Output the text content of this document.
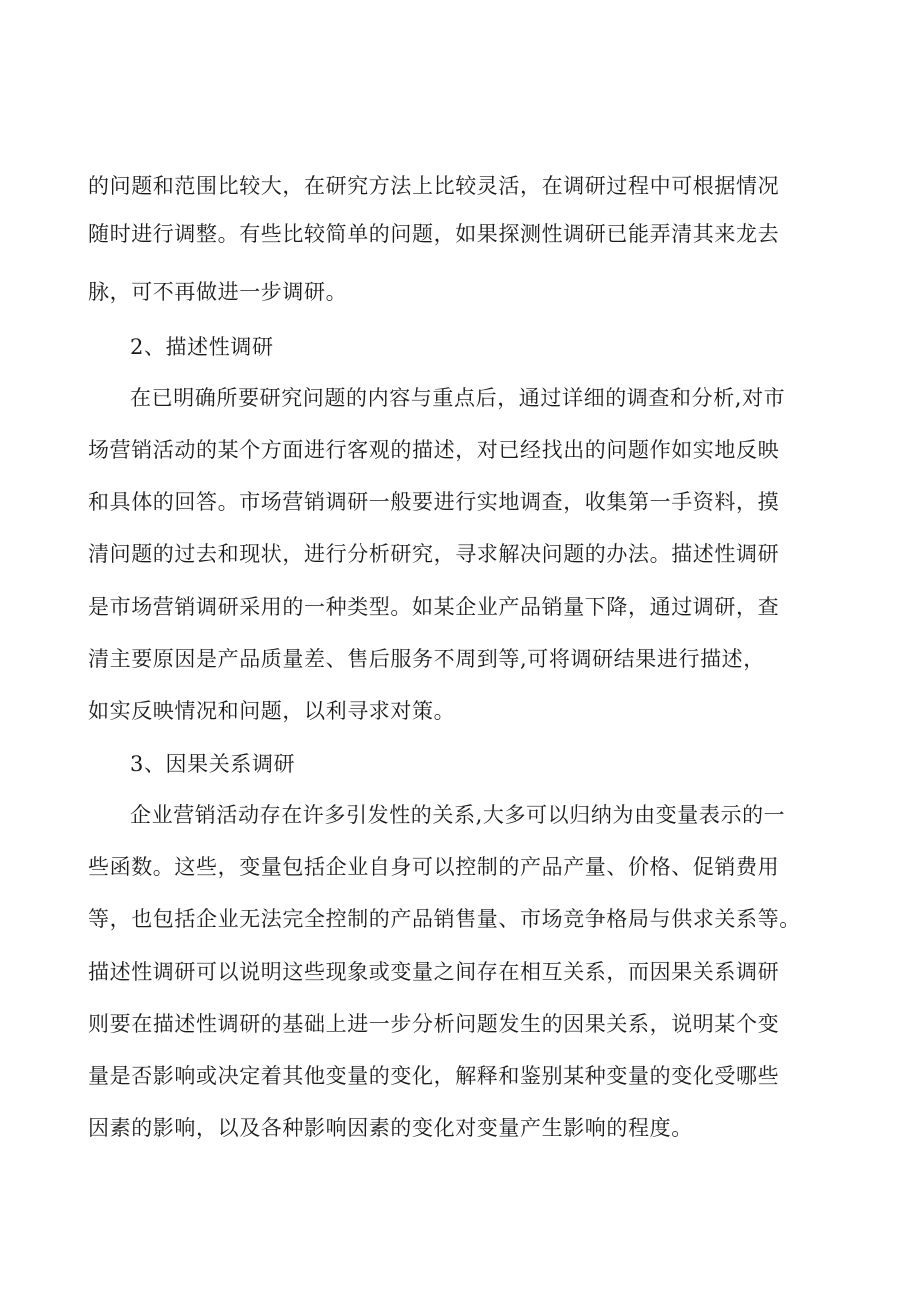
的问题和范围比较大，在研究方法上比较灵活，在调研过程中可根据情况
随时进行调整。有些比较简单的问题，如果探测性调研已能弄清其来龙去
脉，可不再做进一步调研。
2、描述性调研
在已明确所要研究问题的内容与重点后，通过详细的调查和分析,对市
场营销活动的某个方面进行客观的描述，对已经找出的问题作如实地反映
和具体的回答。市场营销调研一般要进行实地调查，收集第一手资料，摸
清问题的过去和现状，进行分析研究，寻求解决问题的办法。描述性调研
是市场营销调研采用的一种类型。如某企业产品销量下降，通过调研，查
清主要原因是产品质量差、售后服务不周到等,可将调研结果进行描述，
如实反映情况和问题，以利寻求对策。
3、因果关系调研
企业营销活动存在许多引发性的关系,大多可以归纳为由变量表示的一
些函数。这些，变量包括企业自身可以控制的产品产量、价格、促销费用
等，也包括企业无法完全控制的产品销售量、市场竞争格局与供求关系等。
描述性调研可以说明这些现象或变量之间存在相互关系，而因果关系调研
则要在描述性调研的基础上进一步分析问题发生的因果关系，说明某个变
量是否影响或决定着其他变量的变化，解释和鉴别某种变量的变化受哪些
因素的影响，以及各种影响因素的变化对变量产生影响的程度。
